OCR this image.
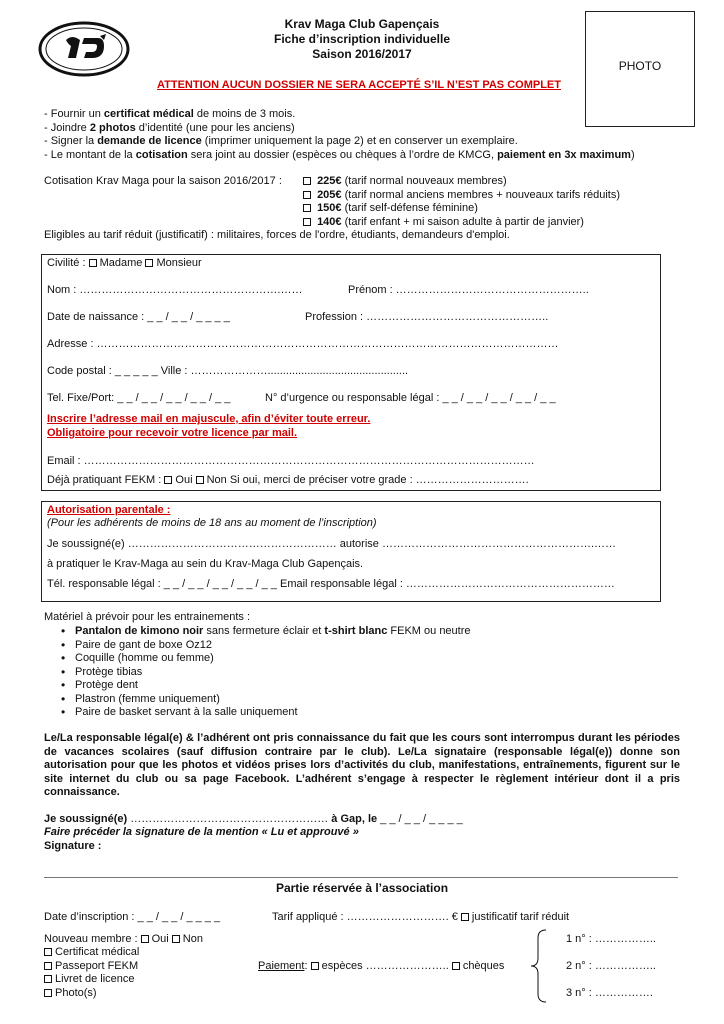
Krav Maga Club Gapençais
Fiche d’inscription individuelle
Saison 2016/2017
PHOTO
ATTENTION AUCUN DOSSIER NE SERA ACCEPTÉ S’IL N’EST PAS COMPLET
- Fournir un certificat médical de moins de 3 mois.
- Joindre 2 photos d’identité (une pour les anciens)
- Signer la demande de licence (imprimer uniquement la page 2) et en conserver un exemplaire.
- Le montant de la cotisation sera joint au dossier (espèces ou chèques à l’ordre de KMCG, paiement en 3x maximum)
Cotisation Krav Maga pour la saison 2016/2017 :	225€ (tarif normal nouveaux membres)
205€ (tarif normal anciens membres + nouveaux tarifs réduits)
150€ (tarif self-défense féminine)
140€ (tarif enfant + mi saison adulte à partir de janvier)
Eligibles au tarif réduit (justificatif) : militaires, forces de l'ordre, étudiants, demandeurs d'emploi.
Civilité : Madame Monsieur
Nom : ……………………………………………….……	Prénom : ……………………………………………..
Date de naissance : _ _ / _ _ / _ _ _ _	Profession : …………………………………………..
Adresse : ………………………………………………………………………………………………………………
Code postal : _ _ _ _ _ Ville : …………………..............................................
Tel. Fixe/Port: _ _ / _ _ / _ _ / _ _ / _ _	N° d’urgence ou responsable légal : _ _ / _ _ / _ _ / _ _ / _ _
Inscrire l’adresse mail en majuscule, afin d’éviter toute erreur.
Obligatoire pour recevoir votre licence par mail.
Email : ……………………………………………………………………………………………………………
Déjà pratiquant FEKM : Oui Non Si oui, merci de préciser votre grade : ………………………….
Autorisation parentale :
(Pour les adhérents de moins de 18 ans au moment de l’inscription)
Je soussigné(e) ………………………………………………… autorise ………………………………………………….……
à pratiquer le Krav-Maga au sein du Krav-Maga Club Gapençais.
Tél. responsable légal : _ _ / _ _ / _ _ / _ _ / _ _ Email responsable légal : …………………………………………………
Matériel à prévoir pour les entrainements :
• Pantalon de kimono noir sans fermeture éclair et t-shirt blanc FEKM ou neutre
• Paire de gant de boxe Oz12
• Coquille (homme ou femme)
• Protège tibias
• Protège dent
• Plastron (femme uniquement)
• Paire de basket servant à la salle uniquement
Le/La responsable légal(e) & l’adhérent ont pris connaissance du fait que les cours sont interrompus durant les périodes de vacances scolaires (sauf diffusion contraire par le club). Le/La signataire (responsable légal(e)) donne son autorisation pour que les photos et vidéos prises lors d’activités du club, manifestations, entraînements, figurent sur le site internet du club ou sa page Facebook. L’adhérent s’engage à respecter le règlement intérieur dont il a pris connaissance.
Je soussigné(e) ……………………………………………… à Gap, le _ _ / _ _ / _ _ _ _
Faire précéder la signature de la mention « Lu et approuvé »
Signature :
Partie réservée à l’association
Date d’inscription : _ _ / _ _ / _ _ _ _	Tarif appliqué : ………………………. € justificatif tarif réduit
Nouveau membre : Oui Non
Certificat médical
Passeport FEKM
Livret de licence
Photo(s)
Paiement: espèces ………………….. chèques
1 n° : ……………..
2 n° : ……………..
3 n° : …………….
